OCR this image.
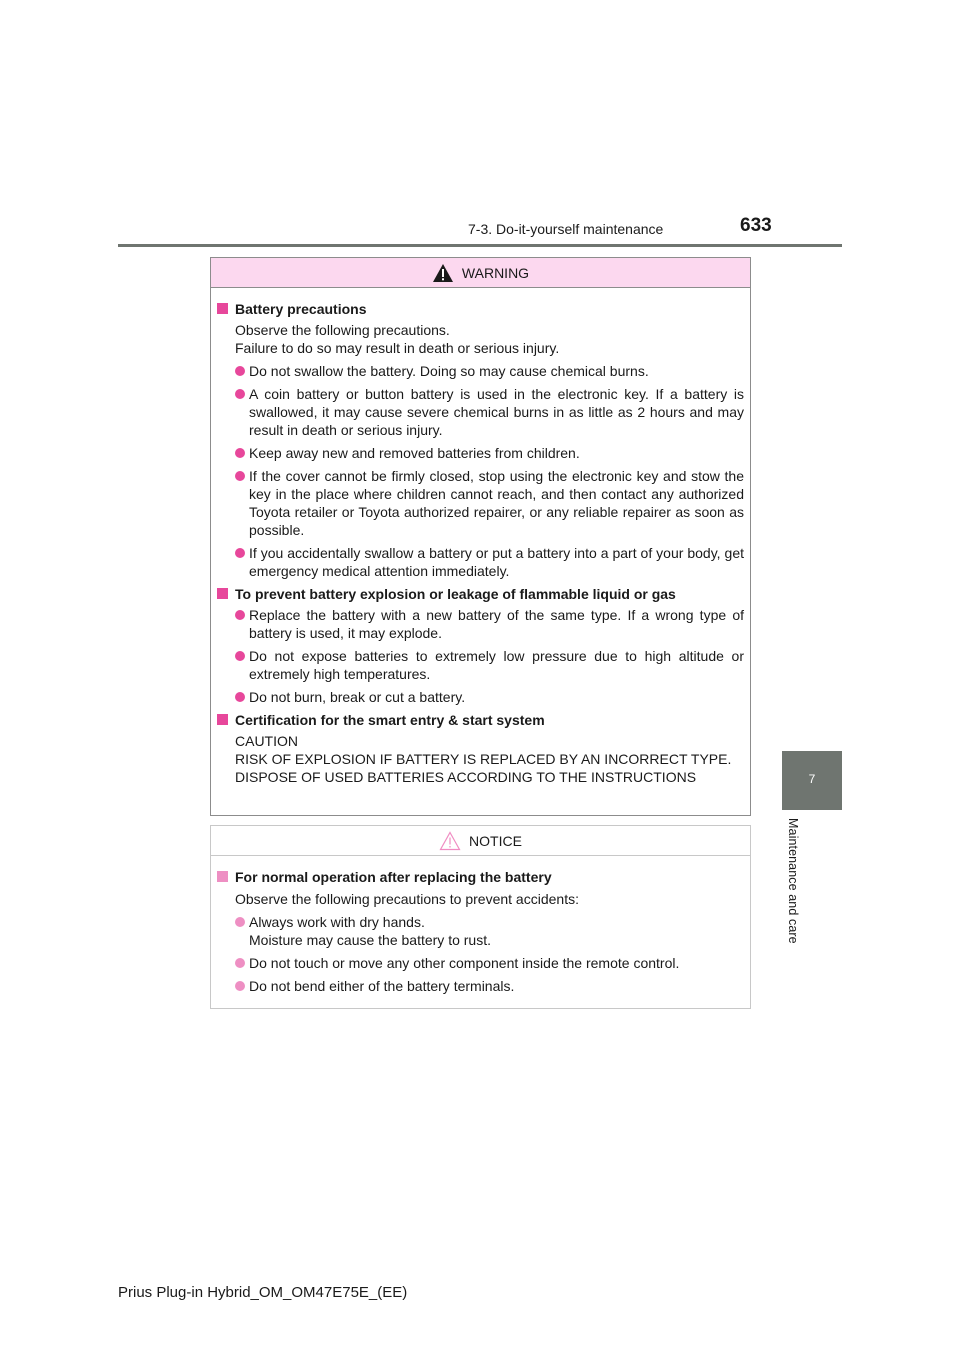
7-3. Do-it-yourself maintenance	633
7
Maintenance and care
WARNING
Battery precautions
Observe the following precautions.
Failure to do so may result in death or serious injury.
Do not swallow the battery. Doing so may cause chemical burns.
A coin battery or button battery is used in the electronic key. If a battery is swallowed, it may cause severe chemical burns in as little as 2 hours and may result in death or serious injury.
Keep away new and removed batteries from children.
If the cover cannot be firmly closed, stop using the electronic key and stow the key in the place where children cannot reach, and then contact any authorized Toyota retailer or Toyota authorized repairer, or any reliable repairer as soon as possible.
If you accidentally swallow a battery or put a battery into a part of your body, get emergency medical attention immediately.
To prevent battery explosion or leakage of flammable liquid or gas
Replace the battery with a new battery of the same type. If a wrong type of battery is used, it may explode.
Do not expose batteries to extremely low pressure due to high altitude or extremely high temperatures.
Do not burn, break or cut a battery.
Certification for the smart entry & start system
CAUTION
RISK OF EXPLOSION IF BATTERY IS REPLACED BY AN INCORRECT TYPE.
DISPOSE OF USED BATTERIES ACCORDING TO THE INSTRUCTIONS
NOTICE
For normal operation after replacing the battery
Observe the following precautions to prevent accidents:
Always work with dry hands.
Moisture may cause the battery to rust.
Do not touch or move any other component inside the remote control.
Do not bend either of the battery terminals.
Prius Plug-in Hybrid_OM_OM47E75E_(EE)
